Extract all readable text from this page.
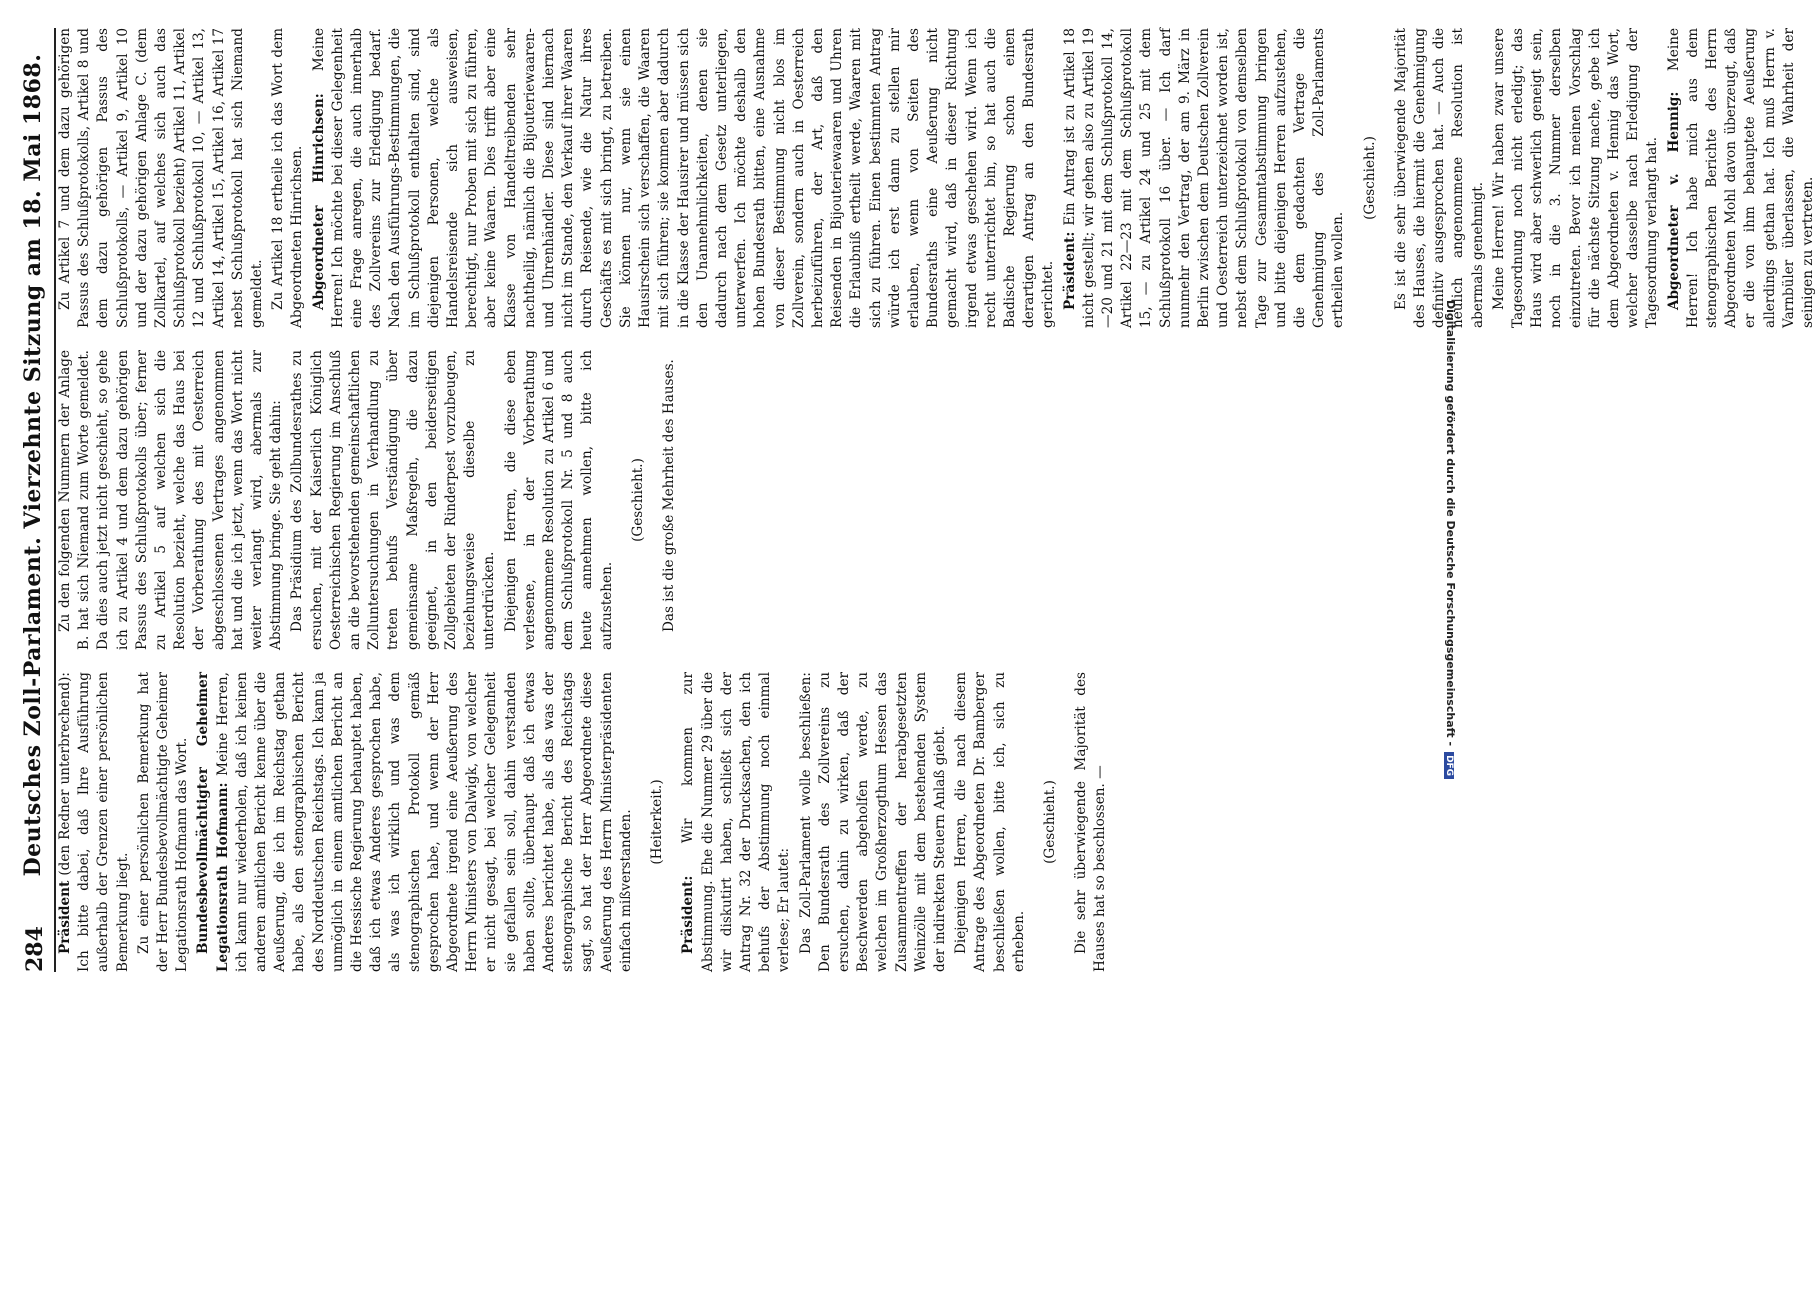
284
Deutsches Zoll-Parlament. Vierzehnte Sitzung am 18. Mai 1868.

Präsident (den Redner unterbrechend): Ich bitte dabei, daß Ihre Ausführung außerhalb der Grenzen einer persönlichen Bemerkung liegt. Zu einer persönlichen Bemerkung hat der Herr Bundesbevollmächtigte Geheimer Legationsrath Hofmann das Wort. Bundesbevollmächtigter Geheimer Legationsrath Hofmann: Meine Herren, ich kann nur wiederholen, daß ich keinen anderen amtlichen Bericht kenne über die Aeußerung, die ich im Reichstag gethan habe, als den stenographischen Bericht des Norddeutschen Reichstags. Ich kann ja unmöglich in einem amtlichen Bericht an die Hessische Regierung behauptet haben, daß ich etwas Anderes gesprochen habe, als was ich wirklich und was dem stenographischen Protokoll gemäß gesprochen habe, und wenn der Herr Abgeordnete irgend eine Aeußerung des Herrn Ministers von Dalwigk, von welcher er nicht gesagt, bei welcher Gelegenheit sie gefallen sein soll, dahin verstanden haben sollte, überhaupt daß ich etwas Anderes berichtet habe, als das was der stenographische Bericht des Reichstags sagt, so hat der Herr Abgeordnete diese Aeußerung des Herrn Ministerpräsidenten einfach mißverstanden. (Heiterkeit.)

Präsident: Wir kommen zur Abstimmung. Ehe die Nummer 29 über die wir diskutirt haben, schließt sich der Antrag Nr. 32 der Drucksachen, den ich behufs der Abstimmung noch einmal verlese; Er lautet: Das Zoll-Parlament wolle beschließen: Den Bundesrath des Zollvereins zu ersuchen, dahin zu wirken, daß der Beschwerden abgeholfen werde, zu welchen im Großherzogthum Hessen das Zusammentreffen der herabgesetzten Weinzölle mit dem bestehenden System der indirekten Steuern Anlaß giebt. Diejenigen Herren, die nach diesem Antrage des Abgeordneten Dr. Bamberger beschließen wollen, bitte ich, sich zu erheben.

(Geschieht.) Die sehr überwiegende Majorität des Hauses hat so beschlossen. —

Zu den folgenden Nummern der Anlage B. hat sich Niemand zum Worte gemeldet. Da dies auch jetzt nicht geschieht, so gehe ich zu Artikel 4 und dem dazu gehörigen Passus des Schlußprotokolls über; ferner zu Artikel 5 auf welchen sich die Resolution bezieht, welche das Haus bei der Vorberathung des mit Oesterreich abgeschlossenen Vertrages angenommen hat und die ich jetzt, wenn das Wort nicht weiter verlangt wird, abermals zur Abstimmung bringe. Sie geht dahin: Das Präsidium des Zollbundesrathes zu ersuchen, mit der Kaiserlich Königlich Oesterreichischen Regierung im Anschluß an die bevorstehenden gemeinschaftlichen Zolluntersuchungen in Verhandlung zu treten behufs Verständigung über gemeinsame Maßregeln, die dazu geeignet, in den beiderseitigen Zollgebieten der Rinderpest vorzubeugen, beziehungsweise dieselbe zu unterdrücken. Diejenigen Herren, die diese eben verlesene, in der Vorberathung angenommene Resolution zu Artikel 6 und dem Schlußprotokoll Nr. 5 und 8 auch heute annehmen wollen, bitte ich aufzustehen.

(Geschieht.) Das ist die große Mehrheit des Hauses.

Zu Artikel 7 und dem dazu gehörigen Passus des Schlußprotokolls, Artikel 8 und dem dazu gehörigen Passus des Schlußprotokolls, — Artikel 9, Artikel 10 und der dazu gehörigen Anlage C. (dem Zollkartel, auf welches sich auch das Schlußprotokoll bezieht) Artikel 11, Artikel 12 und Schlußprotokoll 10, — Artikel 13, Artikel 14, Artikel 15, Artikel 16, Artikel 17 nebst Schlußprotokoll hat sich Niemand gemeldet. Zu Artikel 18 ertheile ich das Wort dem Abgeordneten Hinrichsen. Abgeordneter Hinrichsen: Meine Herren! Ich möchte bei dieser Gelegenheit eine Frage anregen, die auch innerhalb des Zollvereins zur Erledigung bedarf. Nach den Ausführungs-Bestimmungen, die im Schlußprotokoll enthalten sind, sind diejenigen Personen, welche als Handelsreisende sich ausweisen, berechtigt, nur Proben mit sich zu führen, aber keine Waaren. Dies trifft aber eine Klasse von Handeltreibenden sehr nachtheilig, nämlich die Bijouteriewaaren- und Uhrenhändler. Diese sind hiernach nicht im Stande, den Verkauf ihrer Waaren durch Reisende, wie die Natur ihres Geschäfts es mit sich bringt, zu betreiben. Sie können nur, wenn sie einen Hausirschein sich verschaffen, die Waaren mit sich führen; sie kommen aber dadurch in die Klasse der Hausirer und müssen sich den Unannehmlichkeiten, denen sie dadurch nach dem Gesetz unterliegen, unterwerfen. Ich möchte deshalb den hohen Bundesrath bitten, eine Ausnahme von dieser Bestimmung nicht blos im Zollverein, sondern auch in Oesterreich herbeizuführen, der Art, daß den Reisenden in Bijouteriewaaren und Uhren die Erlaubniß ertheilt werde, Waaren mit sich zu führen. Einen bestimmten Antrag würde ich erst dann zu stellen mir erlauben, wenn von Seiten des Bundesraths eine Aeußerung nicht gemacht wird, daß in dieser Richtung irgend etwas geschehen wird. Wenn ich recht unterrichtet bin, so hat auch die Badische Regierung schon einen derartigen Antrag an den Bundesrath gerichtet. Präsident: Ein Antrag ist zu Artikel 18 nicht gestellt; wir gehen also zu Artikel 19—20 und 21 mit dem Schlußprotokoll 14, Artikel 22—23 mit dem Schlußprotokoll 15, — zu Artikel 24 und 25 mit dem Schlußprotokoll 16 über. — Ich darf nunmehr den Vertrag, der am 9. März in Berlin zwischen dem Deutschen Zollverein und Oesterreich unterzeichnet worden ist, nebst dem Schlußprotokoll von demselben Tage zur Gesammtabstimmung bringen und bitte diejenigen Herren aufzustehen, die dem gedachten Vertrage die Genehmigung des Zoll-Parlaments ertheilen wollen.

(Geschieht.) Es ist die sehr überwiegende Majorität des Hauses, die hiermit die Genehmigung definitiv ausgesprochen hat. — Auch die neulich angenommene Resolution ist abermals genehmigt. Meine Herren! Wir haben zwar unsere Tagesordnung noch nicht erledigt; das Haus wird aber schwerlich geneigt sein, noch in die 3. Nummer derselben einzutreten. Bevor ich meinen Vorschlag für die nächste Sitzung mache, gebe ich dem Abgeordneten v. Hennig das Wort, welcher dasselbe nach Erledigung der Tagesordnung verlangt hat. Abgeordneter v. Hennig: Meine Herren! Ich habe mich aus dem stenographischen Berichte des Herrn Abgeordneten Mohl davon überzeugt, daß er die von ihm behauptete Aeußerung allerdings gethan hat. Ich muß Herrn v. Varnbüler überlassen, die Wahrheit der seinigen zu vertreten.

Digitalisierung gefördert durch die Deutsche Forschungsgemeinschaft -DFG
